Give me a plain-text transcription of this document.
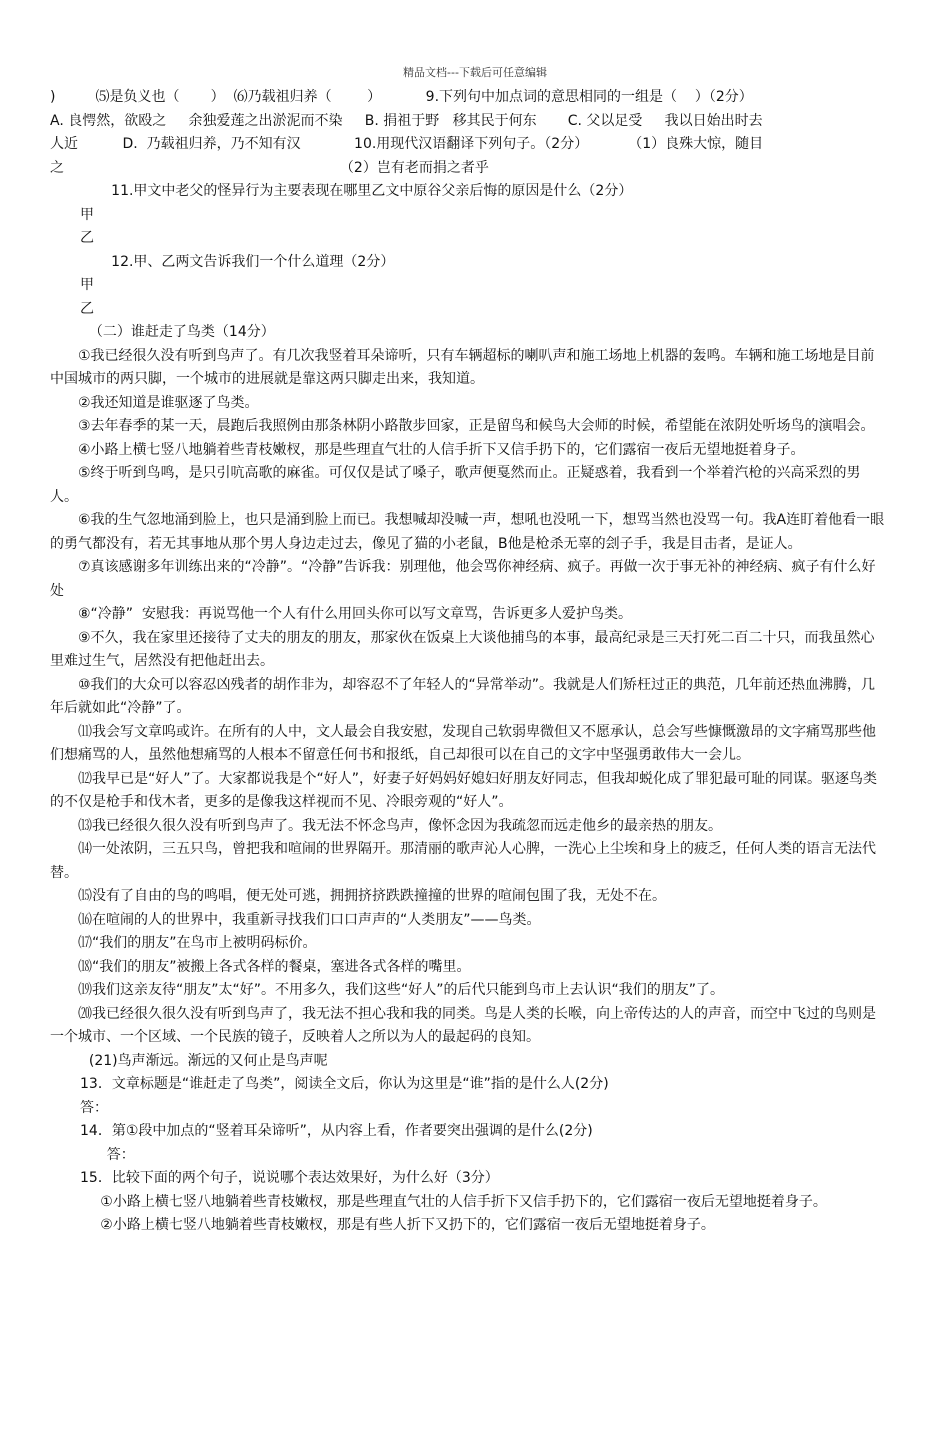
精品文档---下载后可任意编辑

)         ⑸是负义也（       ）  ⑹乃载祖归养（        ）          9.下列句中加点词的意思相同的一组是（    ）（2分）

A. 良愕然，欲殴之     余独爱莲之出淤泥而不染     B. 捐祖于野   移其民于何东       C. 父以足受     我以日始出时去

人近          D.  乃载祖归养，乃不知有汉            10.用现代汉语翻译下列句子。（2分）         （1）良殊大惊，随目

之                                                              （2）岂有老而捐之者乎

11.甲文中老父的怪异行为主要表现在哪里乙文中原谷父亲后悔的原因是什么（2分）

甲

乙

12.甲、乙两文告诉我们一个什么道理（2分）

甲

乙

（二）谁赶走了鸟类（14分）

①我已经很久没有听到鸟声了。有几次我竖着耳朵谛听，只有车辆超标的喇叭声和施工场地上机器的轰鸣。车辆和施工场地是目前中国城市的两只脚，一个城市的进展就是靠这两只脚走出来，我知道。

②我还知道是谁驱逐了鸟类。

③去年春季的某一天，晨跑后我照例由那条林阴小路散步回家，正是留鸟和候鸟大会师的时候，希望能在浓阴处听场鸟的演唱会。

④小路上横七竖八地躺着些青枝嫩杈，那是些理直气壮的人信手折下又信手扔下的，它们露宿一夜后无望地挺着身子。

⑤终于听到鸟鸣，是只引吭高歌的麻雀。可仅仅是试了嗓子，歌声便戛然而止。正疑惑着，我看到一个举着汽枪的兴高采烈的男人。

⑥我的生气忽地涌到脸上，也只是涌到脸上而已。我想喊却没喊一声，想吼也没吼一下，想骂当然也没骂一句。我A连盯着他看一眼的勇气都没有，若无其事地从那个男人身边走过去，像见了猫的小老鼠，B他是枪杀无辜的刽子手，我是目击者，是证人。

⑦真该感谢多年训练出来的“冷静”。“冷静”告诉我：别理他，他会骂你神经病、疯子。再做一次于事无补的神经病、疯子有什么好处

⑧“冷静”  安慰我：再说骂他一个人有什么用回头你可以写文章骂，告诉更多人爱护鸟类。

⑨不久，我在家里还接待了丈夫的朋友的朋友，那家伙在饭桌上大谈他捕鸟的本事，最高纪录是三天打死二百二十只，而我虽然心里难过生气，居然没有把他赶出去。

⑩我们的大众可以容忍凶残者的胡作非为，却容忍不了年轻人的“异常举动”。我就是人们矫枉过正的典范，几年前还热血沸腾，几年后就如此“冷静”了。

⑾我会写文章呜或许。在所有的人中，文人最会自我安慰，发现自己软弱卑微但又不愿承认，总会写些慷慨激昂的文字痛骂那些他们想痛骂的人，虽然他想痛骂的人根本不留意任何书和报纸，自己却很可以在自己的文字中坚强勇敢伟大一会儿。

⑿我早已是“好人”了。大家都说我是个“好人”，好妻子好妈妈好媳妇好朋友好同志，但我却蜕化成了罪犯最可耻的同谋。驱逐鸟类的不仅是枪手和伐木者，更多的是像我这样视而不见、冷眼旁观的“好人”。

⒀我已经很久很久没有听到鸟声了。我无法不怀念鸟声，像怀念因为我疏忽而远走他乡的最亲热的朋友。

⒁一处浓阴，三五只鸟，曾把我和喧闹的世界隔开。那清丽的歌声沁人心脾，一洗心上尘埃和身上的疲乏，任何人类的语言无法代替。

⒂没有了自由的鸟的鸣唱，便无处可逃，拥拥挤挤跌跌撞撞的世界的喧闹包围了我，无处不在。

⒃在喧闹的人的世界中，我重新寻找我们口口声声的“人类朋友”——鸟类。

⒄“我们的朋友”在鸟市上被明码标价。

⒅“我们的朋友”被搬上各式各样的餐桌，塞进各式各样的嘴里。

⒆我们这亲友待“朋友”太“好”。不用多久，我们这些“好人”的后代只能到鸟市上去认识“我们的朋友”了。

⒇我已经很久很久没有听到鸟声了，我无法不担心我和我的同类。鸟是人类的长喉，向上帝传达的人的声音，而空中飞过的鸟则是一个城市、一个区域、一个民族的镜子，反映着人之所以为人的最起码的良知。

(21)鸟声渐远。渐远的又何止是鸟声呢

13．文章标题是“谁赶走了鸟类”，阅读全文后，你认为这里是“谁”指的是什么人(2分)

答：

14．第①段中加点的“竖着耳朵谛听”，从内容上看，作者要突出强调的是什么(2分)

答：

15．比较下面的两个句子，说说哪个表达效果好，为什么好（3分）

①小路上横七竖八地躺着些青枝嫩杈，那是些理直气壮的人信手折下又信手扔下的，它们露宿一夜后无望地挺着身子。

②小路上横七竖八地躺着些青枝嫩杈，那是有些人折下又扔下的，它们露宿一夜后无望地挺着身子。
